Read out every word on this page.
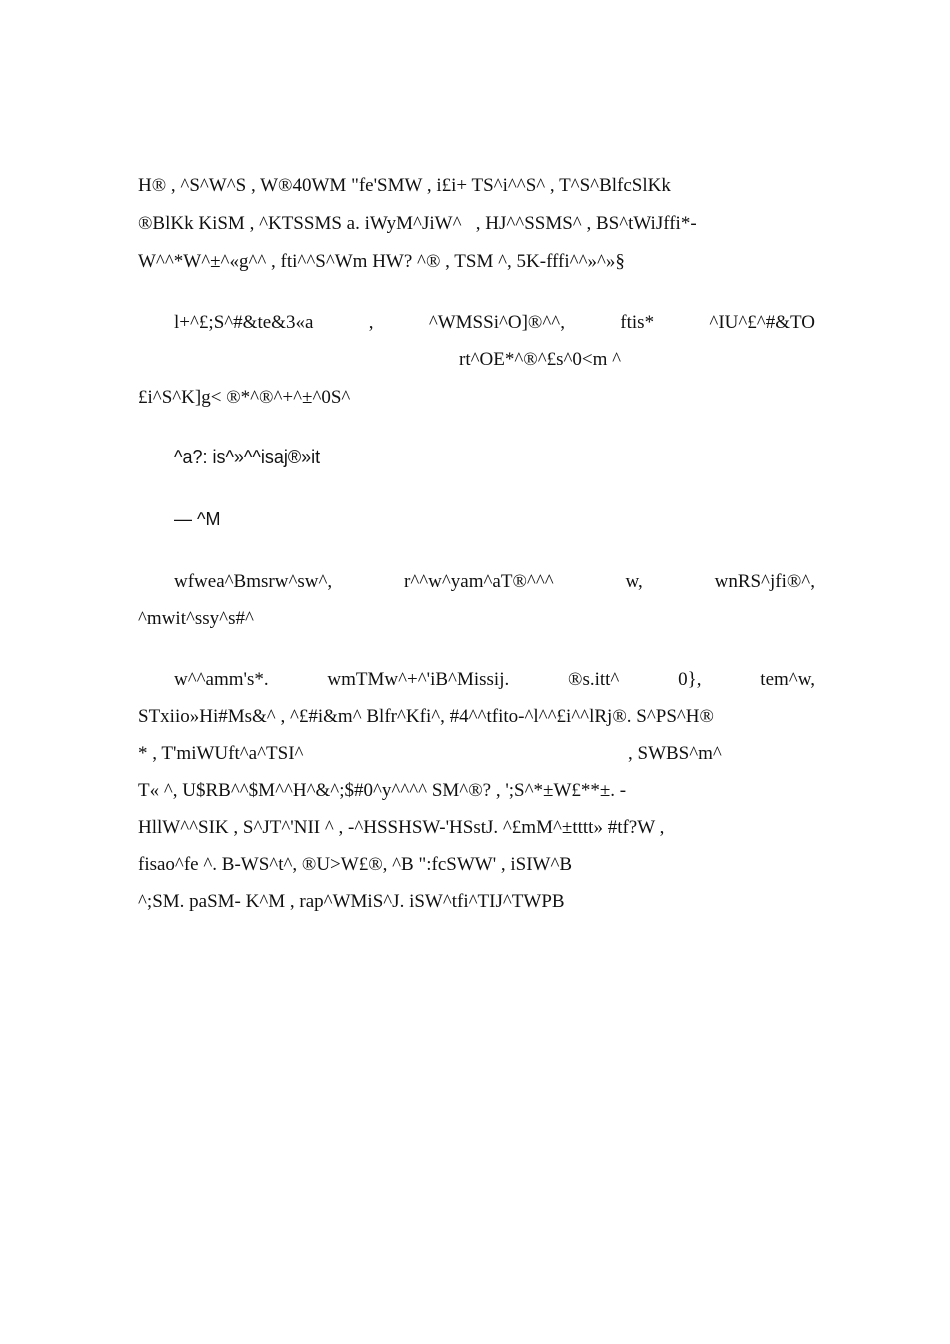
H® , ^S^W^S , W®40WM "fe'SMW , i£i+ TS^i^^S^ , T^S^BlfcSlKk
®BlKk KiSM , ^KTSSMS a. iWyM^JiW^   , HJ^^SSMS^ , BS^tWiJffi*-
W^^*W^±^«g^^ , fti^^S^Wm HW? ^® , TSM ^, 5K-fffi^^»^»§
l+^£;S^#&te&3«a	,	^WMSSi^O]®^^,	ftis*	^IU^£^#&TO
rt^OE*^®^£s^0<m ^
£i^S^K]g< ®*^®^+^±^0S^
^a?: is^»^^isaj®»it
— ^M
wfwea^Bmsrw^sw^,	r^^w^yam^aT®^^^	w,	wnRS^jfi®^,
^mwit^ssy^s#^
w^^amm's*.	wmTMw^+^'iB^Missij.	®s.itt^	0},	tem^w,
STxiio»Hi#Ms&^ , ^£#i&m^ Blfr^Kfi^, #4^^tfito-^l^^£i^^lRj®. S^PS^H®
* , T'miWUft^a^TSI^	, SWBS^m^
T« ^, U$RB^^$M^^H^&^;$#0^y^^^^ SM^®? , ';S^*±W£**±. -
HllW^^SIK , S^JT^'NII ^ , -^HSSHSW-'HSstJ. ^£mM^±tttt» #tf?W ,
fisao^fe ^. B-WS^t^, ®U>W£®, ^B ":fcSWW' , iSIW^B
^;SM. paSM- K^M , rap^WMiS^J. iSW^tfi^TIJ^TWPB
